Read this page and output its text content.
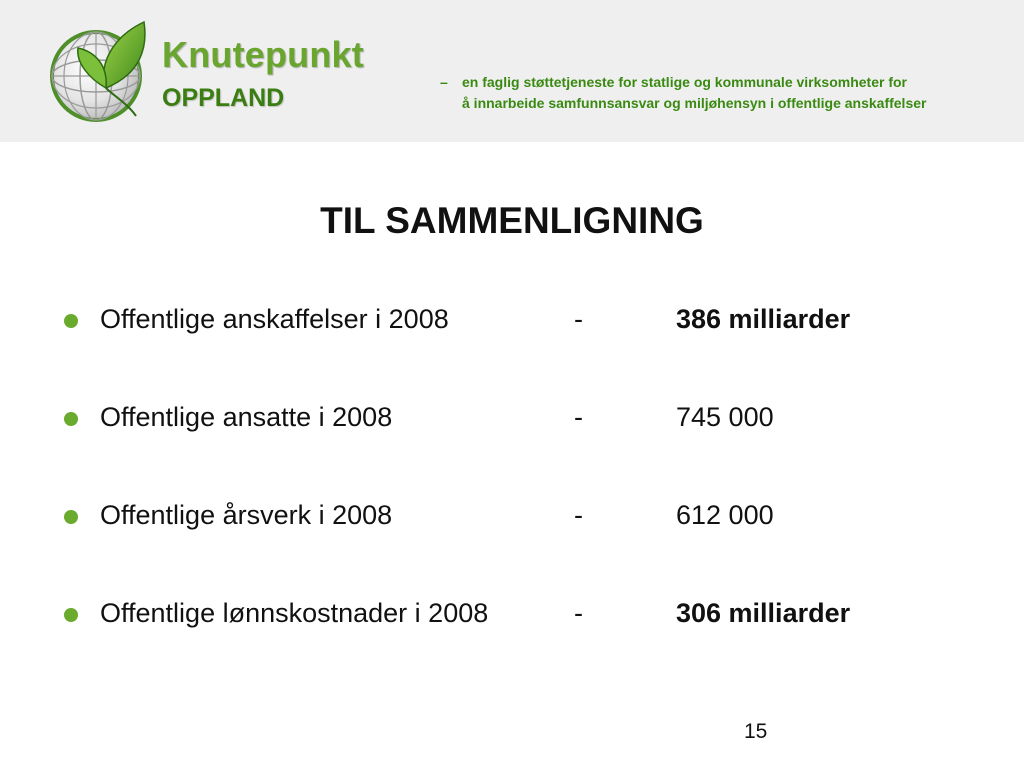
Knutepunkt
OPPLAND
– en faglig støttetjeneste for statlige og kommunale virksomheter for
å innarbeide samfunnsansvar og miljøhensyn i offentlige anskaffelser
TIL SAMMENLIGNING
Offentlige anskaffelser i 2008	-	386 milliarder
Offentlige ansatte i 2008	-	745 000
Offentlige årsverk i 2008	-	612 000
Offentlige lønnskostnader i 2008	-	306 milliarder
15
